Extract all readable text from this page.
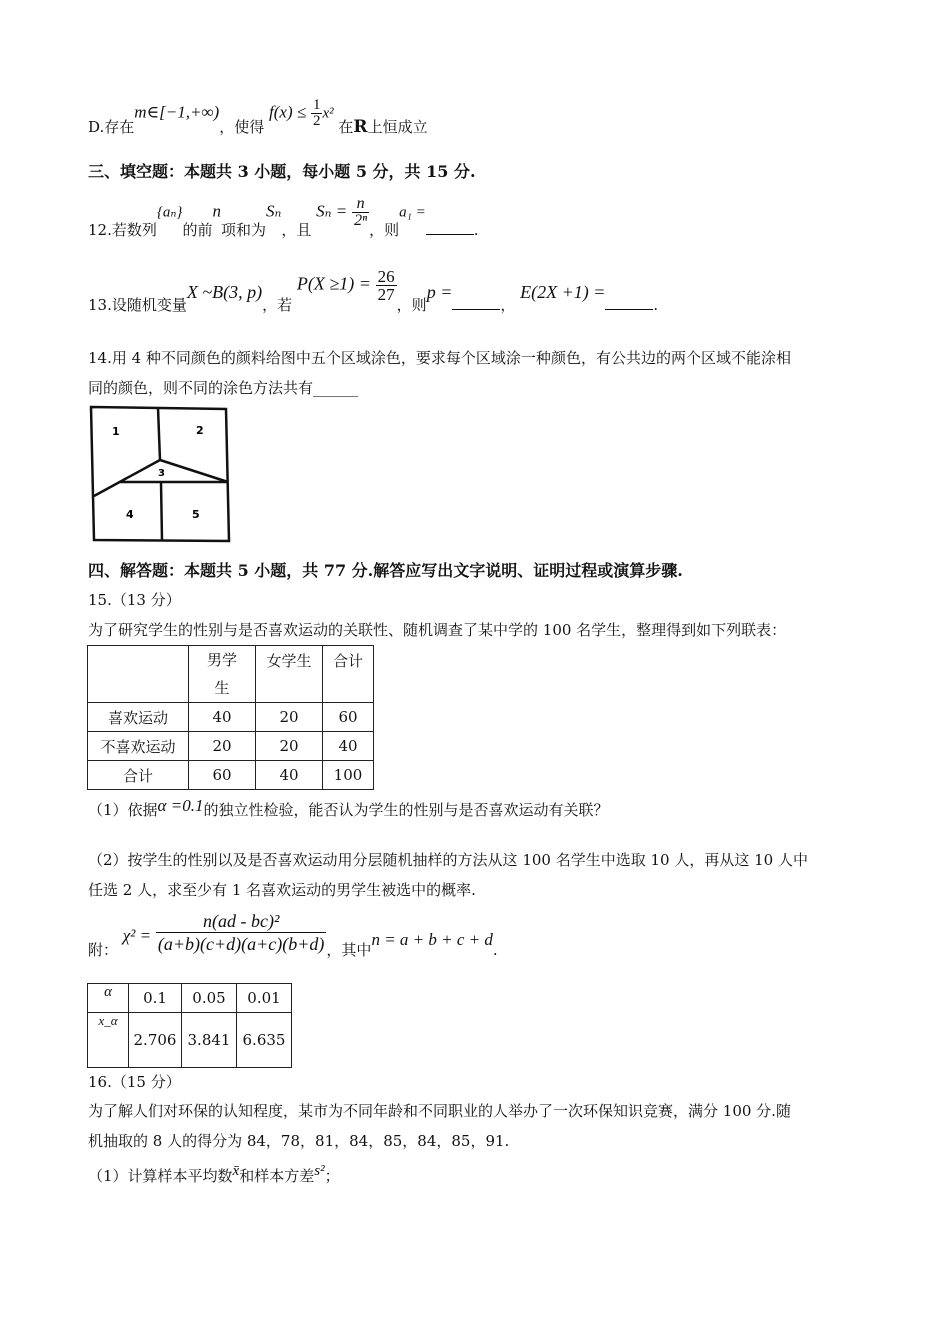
D.存在m∈[−1,+∞)，使得 $f(x) \le \frac{1}{2} x^2$ 在R上恒成立
三、填空题：本题共 3 小题，每小题 5 分，共 15 分.
12.若数列{aₙ}的前n项和为Sₙ，且 $S_n = \frac{n}{\text{2ⁿ}}$
，则a₁ =.
13.设随机变量X ~B(3, p)，若 $P(X \ge 1) = \frac{26}{27}$
，则p =， E(2X +1) =.
14.用 4 种不同颜色的颜料给图中五个区域涂色，要求每个区域涂一种颜色，有公共边的两个区域不能涂相
同的颜色，则不同的涂色方法共有______
1	2
3
4	5
四、解答题：本题共 5 小题，共 77 分.解答应写出文字说明、证明过程或演算步骤.
15.（13 分）
为了研究学生的性别与是否喜欢运动的关联性、随机调查了某中学的 100 名学生，整理得到如下列联表：
	男学生	女学生	合计
喜欢运动	40	20	60
不喜欢运动	20	20	40
合计	60	40	100
（1）依据α =0.1的独立性检验，能否认为学生的性别与是否喜欢运动有关联？
（2）按学生的性别以及是否喜欢运动用分层随机抽样的方法从这 100 名学生中选取 10 人，再从这 10 人中
任选 2 人，求至少有 1 名喜欢运动的男学生被选中的概率.
附： $\chi^2 = \frac{\text{n(ad - bc)²}}{(a+b)(c+d)(a+c)(b+d)}$ ，其中n = a + b + c + d.
α	0.1	0.05	0.01
x_α	2.706	3.841	6.635
16.（15 分）
为了解人们对环保的认知程度，某市为不同年龄和不同职业的人举办了一次环保知识竞赛，满分 100 分.随
机抽取的 8 人的得分为 84，78，81，84，85，84，85，91.
（1）计算样本平均数x̄和样本方差s²；
